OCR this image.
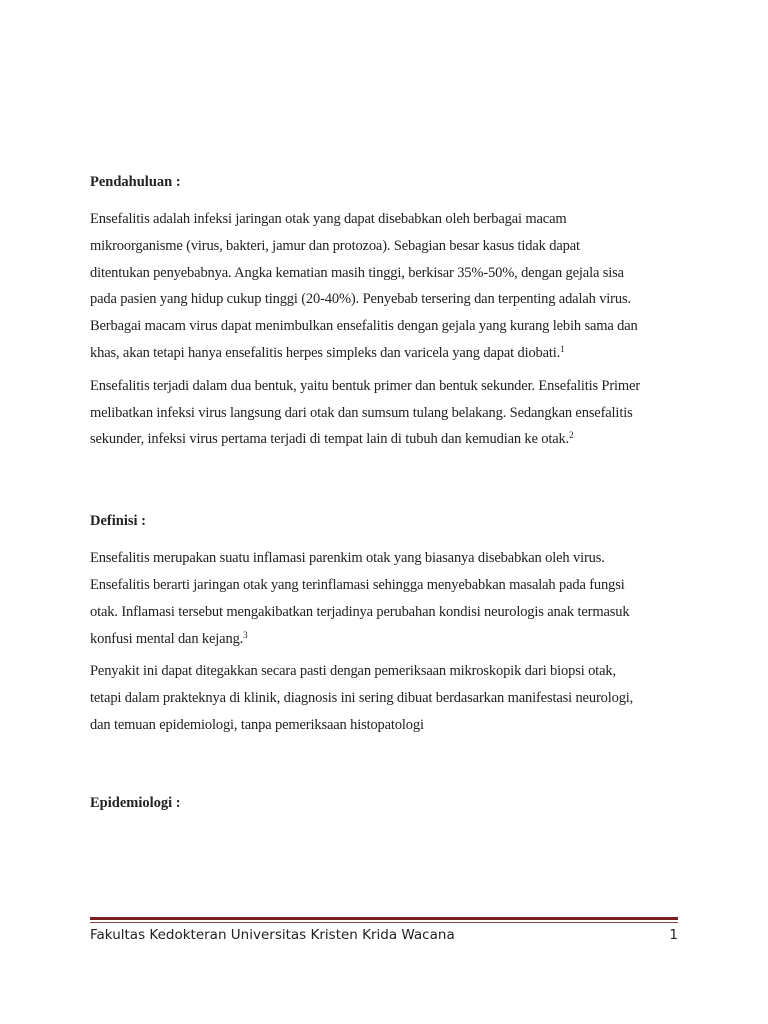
Pendahuluan :

Ensefalitis adalah infeksi jaringan otak yang dapat disebabkan oleh berbagai macam
mikroorganisme (virus, bakteri, jamur dan protozoa). Sebagian besar kasus tidak dapat
ditentukan penyebabnya. Angka kematian masih tinggi, berkisar 35%-50%, dengan gejala sisa
pada pasien yang hidup cukup tinggi (20-40%). Penyebab tersering dan terpenting adalah virus.
Berbagai macam virus dapat menimbulkan ensefalitis dengan gejala yang kurang lebih sama dan
khas, akan tetapi hanya ensefalitis herpes simpleks dan varicela yang dapat diobati.$^1$

Ensefalitis terjadi dalam dua bentuk, yaitu bentuk primer dan bentuk sekunder. Ensefalitis Primer
melibatkan infeksi virus langsung dari otak dan sumsum tulang belakang. Sedangkan ensefalitis
sekunder, infeksi virus pertama terjadi di tempat lain di tubuh dan kemudian ke otak.$^2$

Definisi :

Ensefalitis merupakan suatu inflamasi parenkim otak yang biasanya disebabkan oleh virus.
Ensefalitis berarti jaringan otak yang terinflamasi sehingga menyebabkan masalah pada fungsi
otak. Inflamasi tersebut mengakibatkan terjadinya perubahan kondisi neurologis anak termasuk
konfusi mental dan kejang.$^3$

Penyakit ini dapat ditegakkan secara pasti dengan pemeriksaan mikroskopik dari biopsi otak,
tetapi dalam prakteknya di klinik, diagnosis ini sering dibuat berdasarkan manifestasi neurologi,
dan temuan epidemiologi, tanpa pemeriksaan histopatologi

Epidemiologi :

Fakultas Kedokteran Universitas Kristen Krida Wacana	1
